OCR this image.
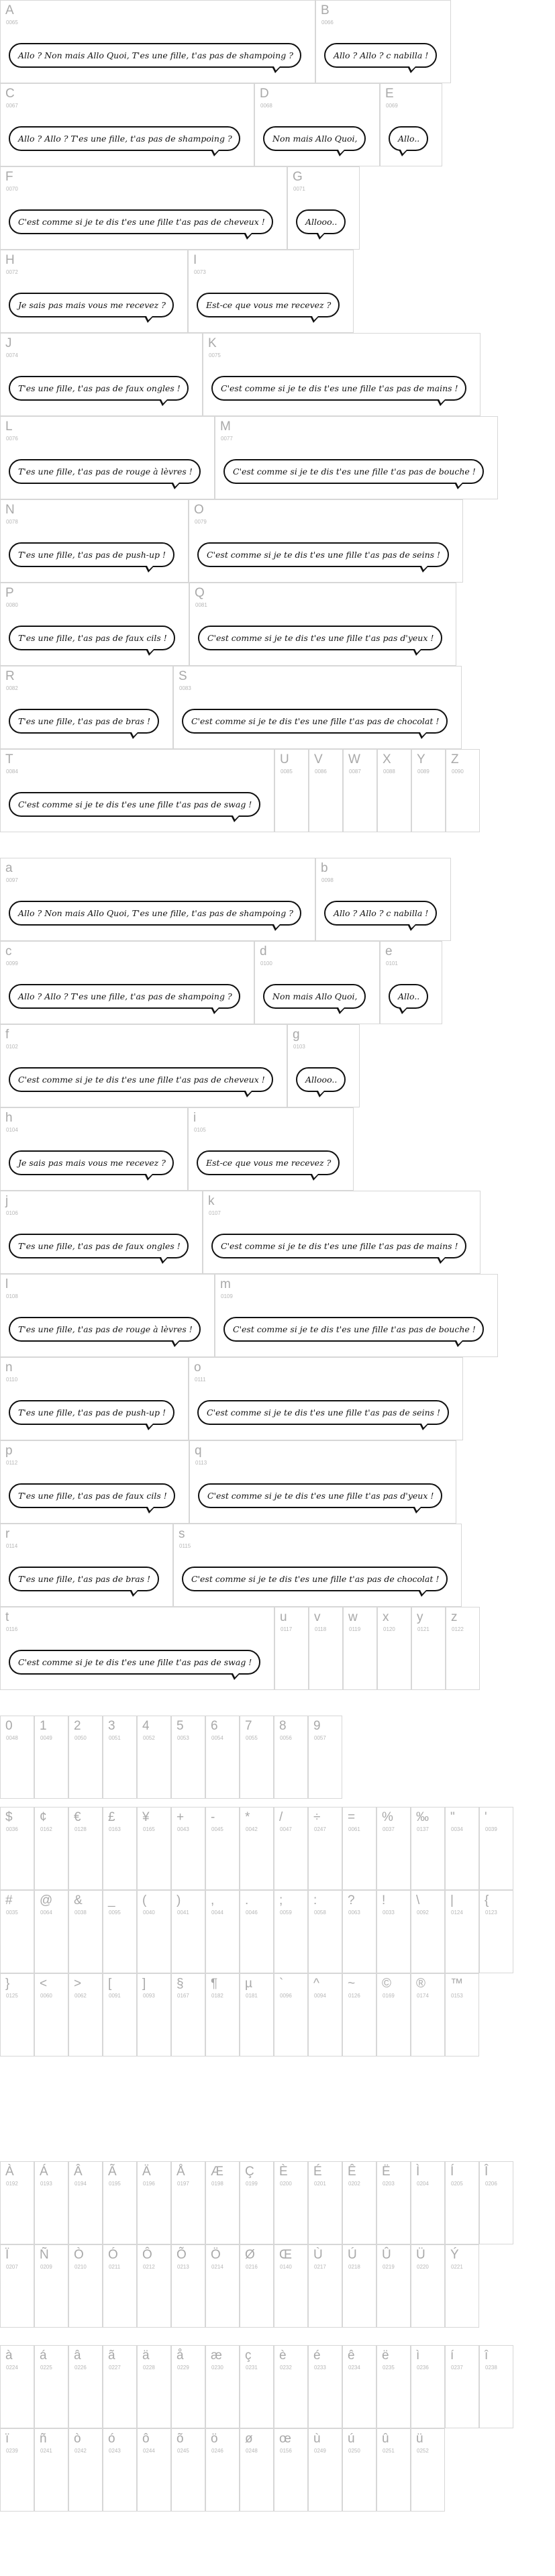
A
0065
Allo ? Non mais Allo Quoi, T'es une fille, t'as pas de shampoing ?
B
0066
Allo ? Allo ? c nabilla !
C
0067
Allo ? Allo ? T'es une fille, t'as pas de shampoing ?
D
0068
Non mais Allo Quoi,
E
0069
Allo..
F
0070
C'est comme si je te dis t'es une fille t'as pas de cheveux !
G
0071
Allooo..
H
0072
Je sais pas mais vous me recevez ?
I
0073
Est-ce que vous me recevez ?
J
0074
T'es une fille, t'as pas de faux ongles !
K
0075
C'est comme si je te dis t'es une fille t'as pas de mains !
L
0076
T'es une fille, t'as pas de rouge à lèvres !
M
0077
C'est comme si je te dis t'es une fille t'as pas de bouche !
N
0078
T'es une fille, t'as pas de push-up !
O
0079
C'est comme si je te dis t'es une fille t'as pas de seins !
P
0080
T'es une fille, t'as pas de faux cils !
Q
0081
C'est comme si je te dis t'es une fille t'as pas d'yeux !
R
0082
T'es une fille, t'as pas de bras !
S
0083
C'est comme si je te dis t'es une fille t'as pas de chocolat !
T
0084
C'est comme si je te dis t'es une fille t'as pas de swag !
U
0085
V
0086
W
0087
X
0088
Y
0089
Z
0090
a
0097
Allo ? Non mais Allo Quoi, T'es une fille, t'as pas de shampoing ?
b
0098
Allo ? Allo ? c nabilla !
c
0099
Allo ? Allo ? T'es une fille, t'as pas de shampoing ?
d
0100
Non mais Allo Quoi,
e
0101
Allo..
f
0102
C'est comme si je te dis t'es une fille t'as pas de cheveux !
g
0103
Allooo..
h
0104
Je sais pas mais vous me recevez ?
i
0105
Est-ce que vous me recevez ?
j
0106
T'es une fille, t'as pas de faux ongles !
k
0107
C'est comme si je te dis t'es une fille t'as pas de mains !
l
0108
T'es une fille, t'as pas de rouge à lèvres !
m
0109
C'est comme si je te dis t'es une fille t'as pas de bouche !
n
0110
T'es une fille, t'as pas de push-up !
o
0111
C'est comme si je te dis t'es une fille t'as pas de seins !
p
0112
T'es une fille, t'as pas de faux cils !
q
0113
C'est comme si je te dis t'es une fille t'as pas d'yeux !
r
0114
T'es une fille, t'as pas de bras !
s
0115
C'est comme si je te dis t'es une fille t'as pas de chocolat !
t
0116
C'est comme si je te dis t'es une fille t'as pas de swag !
u
0117
v
0118
w
0119
x
0120
y
0121
z
0122
0
0048
1
0049
2
0050
3
0051
4
0052
5
0053
6
0054
7
0055
8
0056
9
0057
$
0036
¢
0162
€
0128
£
0163
¥
0165
+
0043
-
0045
*
0042
/
0047
÷
0247
=
0061
%
0037
‰
0137
"
0034
'
0039
#
0035
@
0064
&
0038
_
0095
(
0040
)
0041
,
0044
.
0046
;
0059
:
0058
?
0063
!
0033
\
0092
|
0124
{
0123
}
0125
<
0060
>
0062
[
0091
]
0093
§
0167
¶
0182
µ
0181
`
0096
^
0094
~
0126
©
0169
®
0174
™
0153
À
0192
Á
0193
Â
0194
Ã
0195
Ä
0196
Å
0197
Æ
0198
Ç
0199
È
0200
É
0201
Ê
0202
Ë
0203
Ì
0204
Í
0205
Î
0206
Ï
0207
Ñ
0209
Ò
0210
Ó
0211
Ô
0212
Õ
0213
Ö
0214
Ø
0216
Œ
0140
Ù
0217
Ú
0218
Û
0219
Ü
0220
Ý
0221
à
0224
á
0225
â
0226
ã
0227
ä
0228
å
0229
æ
0230
ç
0231
è
0232
é
0233
ê
0234
ë
0235
ì
0236
í
0237
î
0238
ï
0239
ñ
0241
ò
0242
ó
0243
ô
0244
õ
0245
ö
0246
ø
0248
œ
0156
ù
0249
ú
0250
û
0251
ü
0252
